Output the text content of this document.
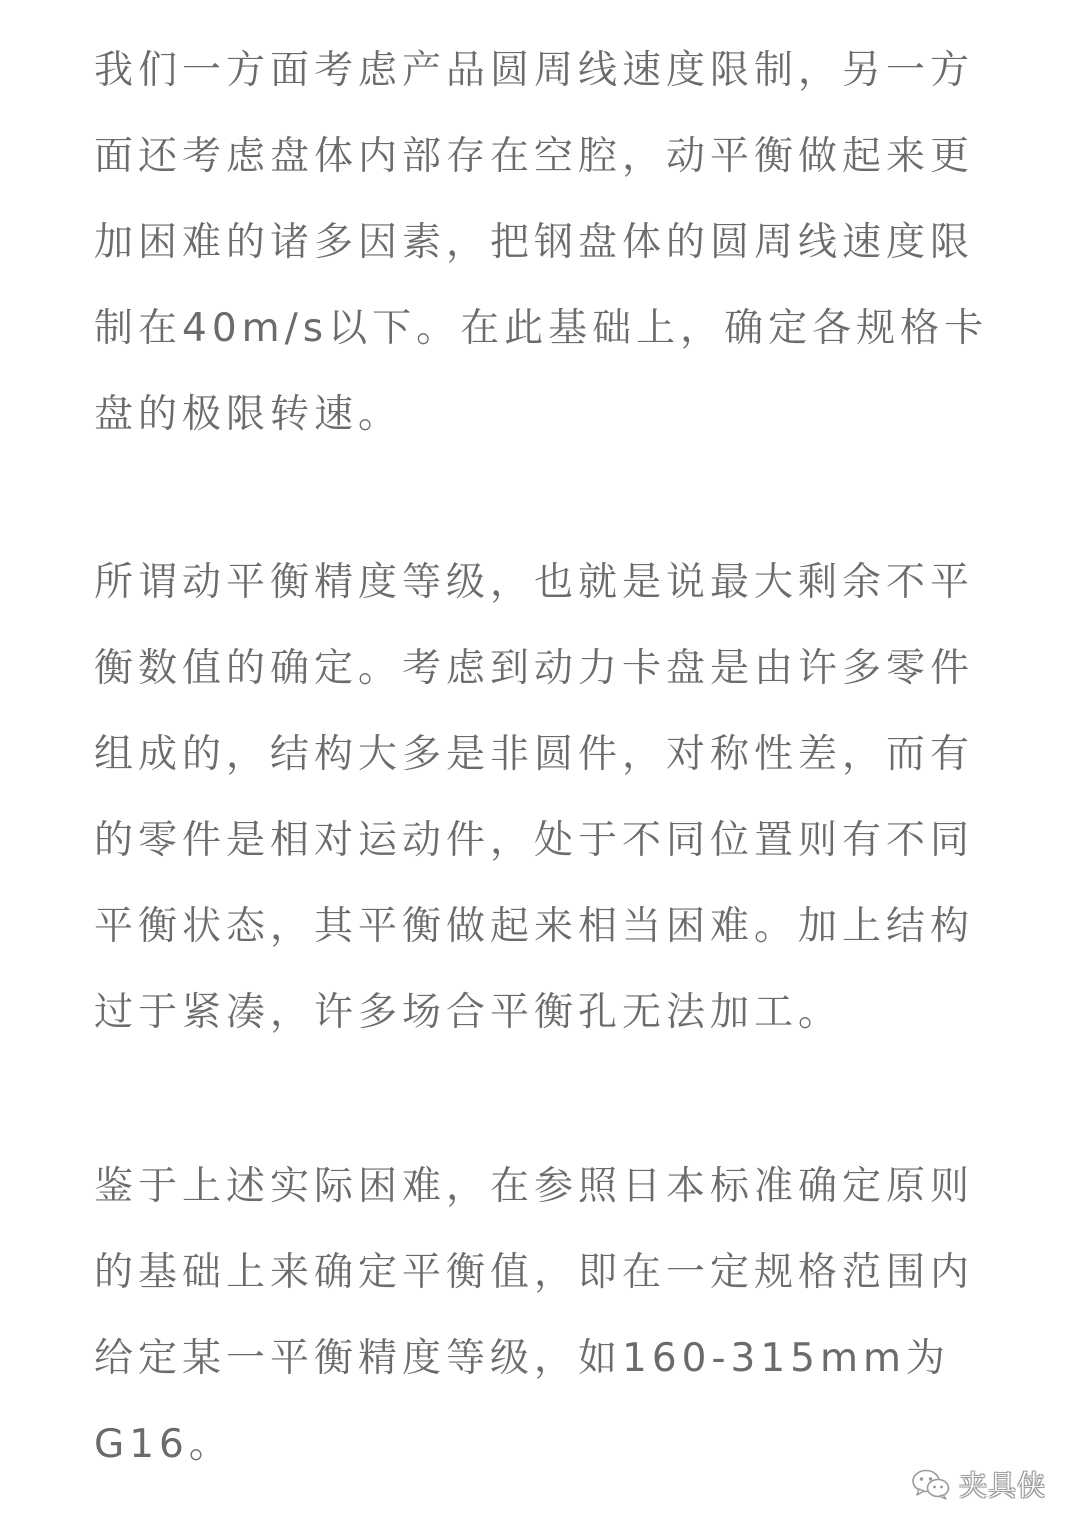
我们一方面考虑产品圆周线速度限制，另一方
面还考虑盘体内部存在空腔，动平衡做起来更
加困难的诸多因素，把钢盘体的圆周线速度限
制在40m/s以下。在此基础上，确定各规格卡
盘的极限转速。

所谓动平衡精度等级，也就是说最大剩余不平
衡数值的确定。考虑到动力卡盘是由许多零件
组成的，结构大多是非圆件，对称性差，而有
的零件是相对运动件，处于不同位置则有不同
平衡状态，其平衡做起来相当困难。加上结构
过于紧凑，许多场合平衡孔无法加工。

鉴于上述实际困难，在参照日本标准确定原则
的基础上来确定平衡值，即在一定规格范围内
给定某一平衡精度等级，如160-315mm为
G16。

夹具侠
